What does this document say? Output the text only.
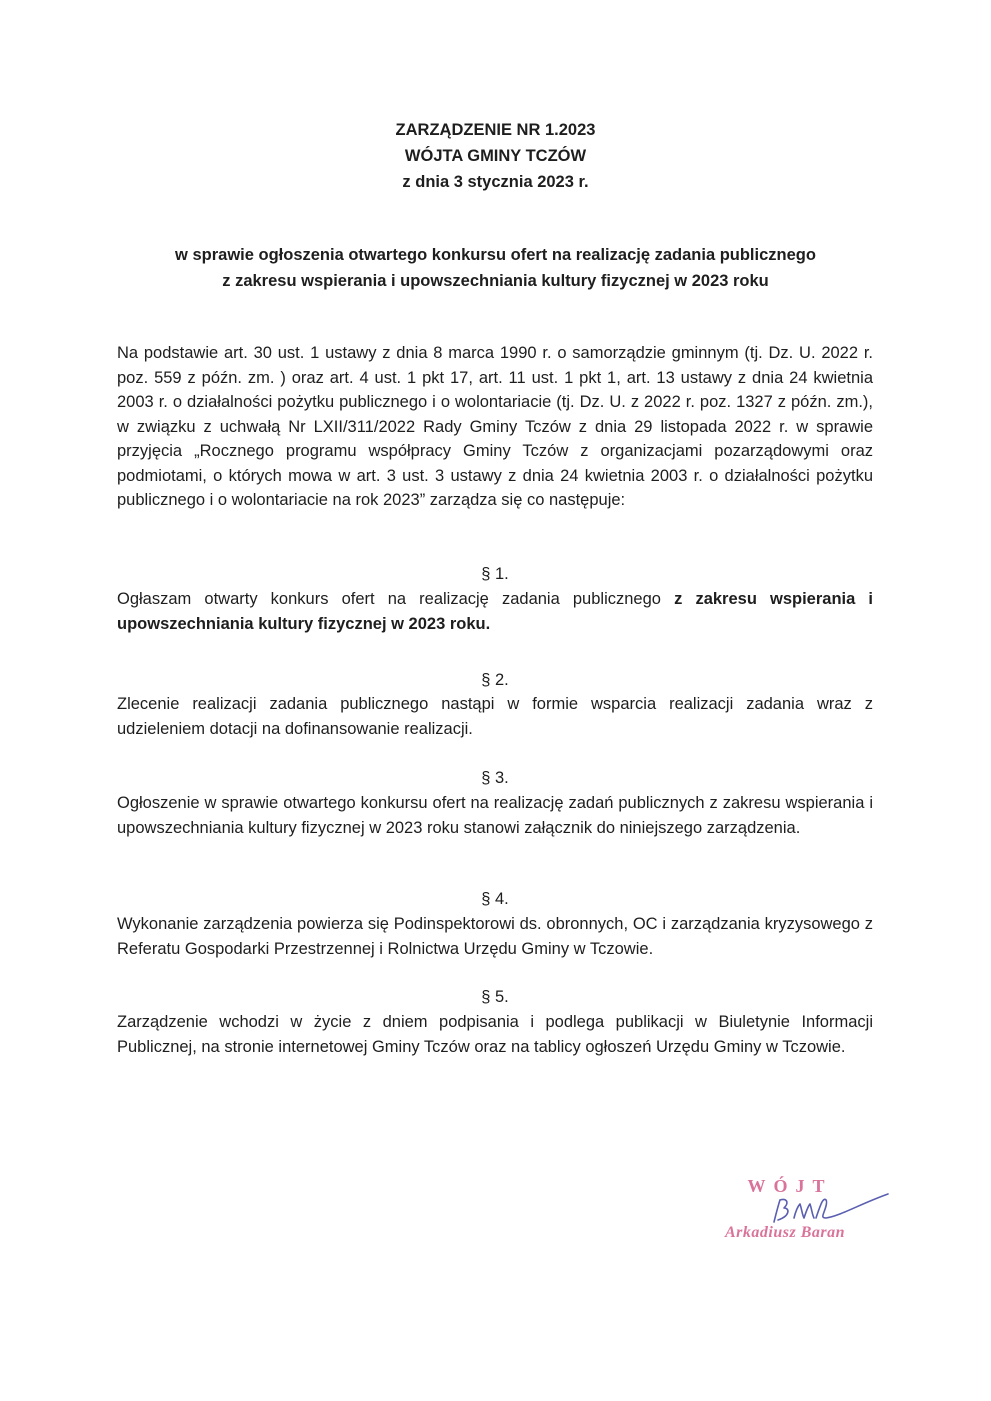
ZARZĄDZENIE NR 1.2023
WÓJTA GMINY TCZÓW
z dnia 3 stycznia 2023 r.
w sprawie ogłoszenia otwartego konkursu ofert na realizację zadania publicznego
z zakresu wspierania i upowszechniania kultury fizycznej w 2023 roku
Na podstawie art. 30 ust. 1 ustawy z dnia 8 marca 1990 r. o samorządzie gminnym (tj. Dz. U. 2022 r. poz. 559 z późn. zm. ) oraz art. 4 ust. 1 pkt 17, art. 11 ust. 1 pkt 1, art. 13 ustawy z dnia 24 kwietnia 2003 r. o działalności pożytku publicznego i o wolontariacie (tj. Dz. U. z 2022 r. poz. 1327 z późn. zm.), w związku z uchwałą Nr LXII/311/2022 Rady Gminy Tczów z dnia 29 listopada 2022 r. w sprawie przyjęcia „Rocznego programu współpracy Gminy Tczów z organizacjami pozarządowymi oraz podmiotami, o których mowa w art. 3 ust. 3 ustawy z dnia 24 kwietnia 2003 r. o działalności pożytku publicznego i o wolontariacie na rok 2023” zarządza się co następuje:
§ 1.
Ogłaszam otwarty konkurs ofert na realizację zadania publicznego z zakresu wspierania i upowszechniania kultury fizycznej w 2023 roku.
§ 2.
Zlecenie realizacji zadania publicznego nastąpi w formie wsparcia realizacji zadania wraz z udzieleniem dotacji na dofinansowanie realizacji.
§ 3.
Ogłoszenie w sprawie otwartego konkursu ofert na realizację zadań publicznych z zakresu wspierania i upowszechniania kultury fizycznej w 2023 roku stanowi załącznik do niniejszego zarządzenia.
§ 4.
Wykonanie zarządzenia powierza się Podinspektorowi ds. obronnych, OC i zarządzania kryzysowego z Referatu Gospodarki Przestrzennej i Rolnictwa Urzędu Gminy w Tczowie.
§ 5.
Zarządzenie wchodzi w życie z dniem podpisania i podlega publikacji w Biuletynie Informacji Publicznej, na stronie internetowej Gminy Tczów oraz na tablicy ogłoszeń Urzędu Gminy w Tczowie.
WÓJT
Arkadiusz Baran
